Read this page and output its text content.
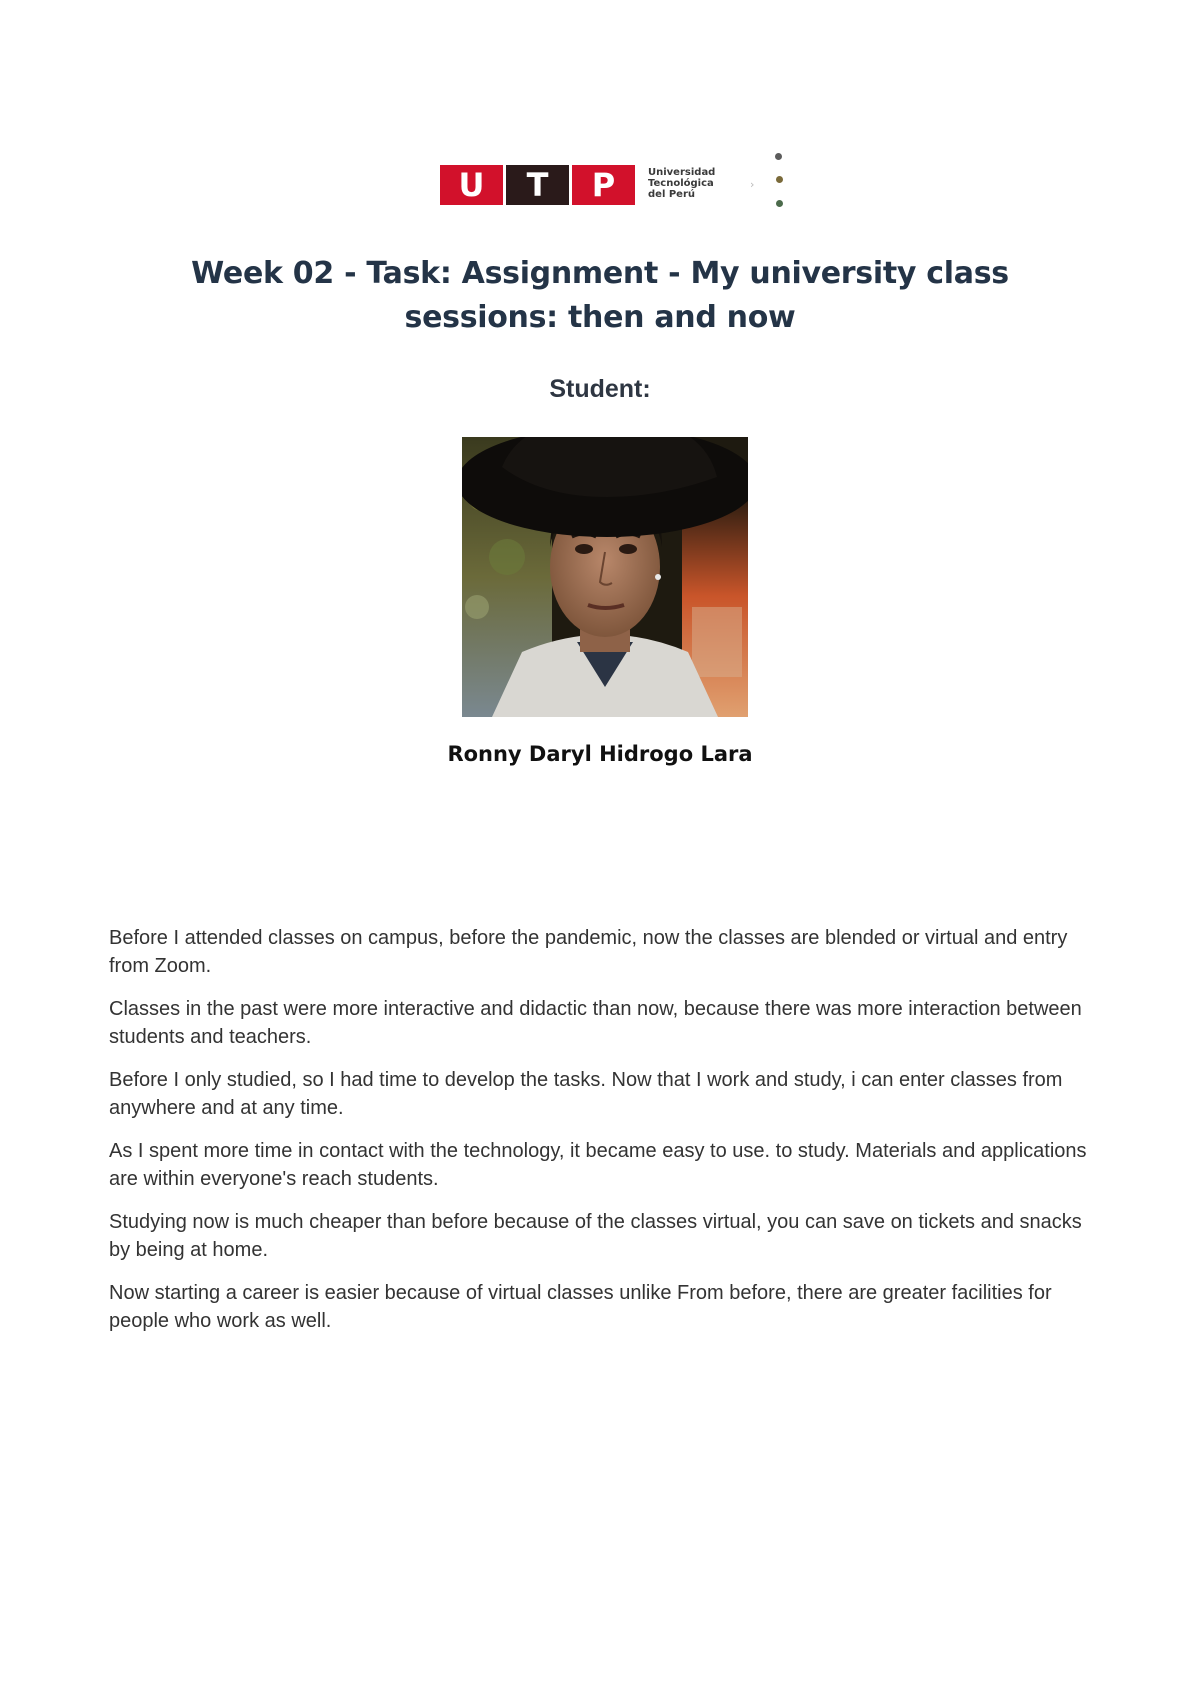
U	T	P	Universidad
Tecnológica
del Perú
›
Week 02 - Task: Assignment - My university class sessions: then and now
Student:
Ronny Daryl Hidrogo Lara

Before I attended classes on campus, before the pandemic, now the classes are blended or virtual and entry from Zoom.

Classes in the past were more interactive and didactic than now, because there was more interaction between students and teachers.

Before I only studied, so I had time to develop the tasks. Now that I work and study, i can enter classes from anywhere and at any time.

As I spent more time in contact with the technology, it became easy to use. to study. Materials and applications are within everyone's reach students.

Studying now is much cheaper than before because of the classes virtual, you can save on tickets and snacks by being at home.

Now starting a career is easier because of virtual classes unlike From before, there are greater facilities for people who work as well.
